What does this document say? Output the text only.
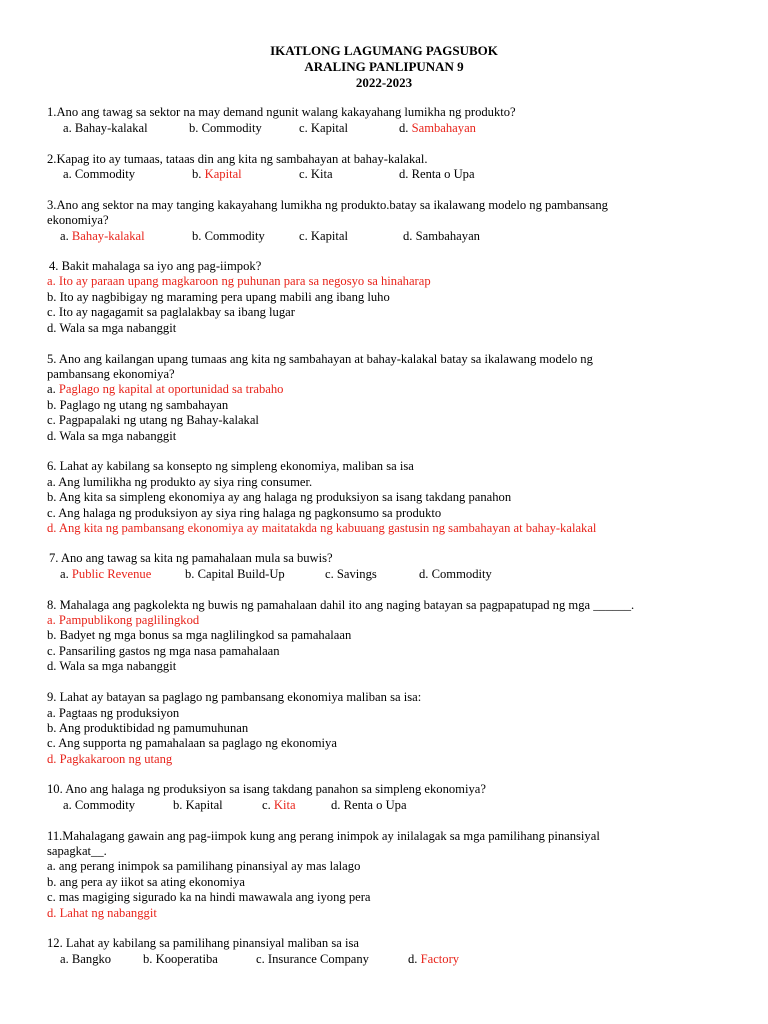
IKATLONG LAGUMANG PAGSUBOK
ARALING PANLIPUNAN 9
2022-2023
1.Ano ang tawag sa sektor na may demand ngunit walang kakayahang lumikha ng produkto?
a. Bahay-kalakal	b. Commodity	c. Kapital	d. Sambahayan
2.Kapag ito ay tumaas, tataas din ang kita ng sambahayan at bahay-kalakal.
a. Commodity	b. Kapital	c. Kita	d. Renta o Upa
3.Ano ang sektor na may tanging kakayahang lumikha ng produkto.batay sa ikalawang modelo ng pambansang
ekonomiya?
a. Bahay-kalakal	b. Commodity	c. Kapital	d. Sambahayan
4. Bakit mahalaga sa iyo ang pag-iimpok?
a. Ito ay paraan upang magkaroon ng puhunan para sa negosyo sa hinaharap
b. Ito ay nagbibigay ng maraming pera upang mabili ang ibang luho
c. Ito ay nagagamit sa paglalakbay sa ibang lugar
d. Wala sa mga nabanggit
5. Ano ang kailangan upang tumaas ang kita ng sambahayan at bahay-kalakal batay sa ikalawang modelo ng
pambansang ekonomiya?
a. Paglago ng kapital at oportunidad sa trabaho
b. Paglago ng utang ng sambahayan
c. Pagpapalaki ng utang ng Bahay-kalakal
d. Wala sa mga nabanggit
6. Lahat ay kabilang sa konsepto ng simpleng ekonomiya, maliban sa isa
a. Ang lumilikha ng produkto ay siya ring consumer.
b. Ang kita sa simpleng ekonomiya ay ang halaga ng produksiyon sa isang takdang panahon
c. Ang halaga ng produksiyon ay siya ring halaga ng pagkonsumo sa produkto
d. Ang kita ng pambansang ekonomiya ay maitatakda ng kabuuang gastusin ng sambahayan at bahay-kalakal
7. Ano ang tawag sa kita ng pamahalaan mula sa buwis?
a. Public Revenue	b. Capital Build-Up	c. Savings	d. Commodity
8. Mahalaga ang pagkolekta ng buwis ng pamahalaan dahil ito ang naging batayan sa pagpapatupad ng mga ______.
a. Pampublikong paglilingkod
b. Badyet ng mga bonus sa mga naglilingkod sa pamahalaan
c. Pansariling gastos ng mga nasa pamahalaan
d. Wala sa mga nabanggit
9. Lahat ay batayan sa paglago ng pambansang ekonomiya maliban sa isa:
a. Pagtaas ng produksiyon
b. Ang produktibidad ng pamumuhunan
c. Ang supporta ng pamahalaan sa paglago ng ekonomiya
d. Pagkakaroon ng utang
10. Ano ang halaga ng produksiyon sa isang takdang panahon sa simpleng ekonomiya?
a. Commodity	b. Kapital	c. Kita	d. Renta o Upa
11.Mahalagang gawain ang pag-iimpok kung ang perang inimpok ay inilalagak sa mga pamilihang pinansiyal
sapagkat__.
a. ang perang inimpok sa pamilihang pinansiyal ay mas lalago
b. ang pera ay iikot sa ating ekonomiya
c. mas magiging sigurado ka na hindi mawawala ang iyong pera
d. Lahat ng nabanggit
12. Lahat ay kabilang sa pamilihang pinansiyal maliban sa isa
a. Bangko	b. Kooperatiba	c. Insurance Company	d. Factory
